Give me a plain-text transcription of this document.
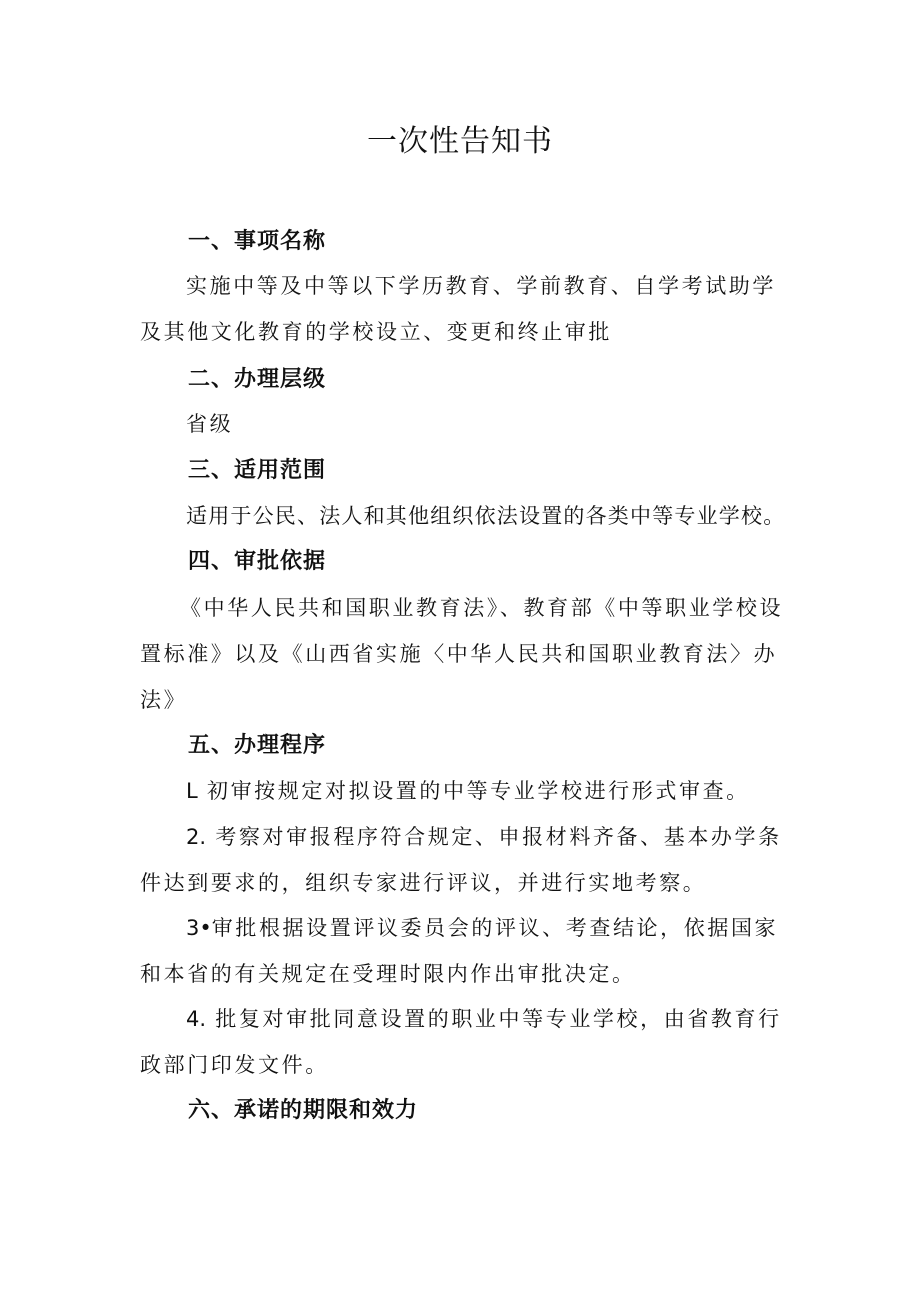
一次性告知书
一、事项名称

实施中等及中等以下学历教育、学前教育、自学考试助学及其他文化教育的学校设立、变更和终止审批

二、办理层级

省级

三、适用范围

适用于公民、法人和其他组织依法设置的各类中等专业学校。

四、审批依据

《中华人民共和国职业教育法》、教育部《中等职业学校设置标准》以及《山西省实施〈中华人民共和国职业教育法〉办法》

五、办理程序

L 初审按规定对拟设置的中等专业学校进行形式审查。

2. 考察对审报程序符合规定、申报材料齐备、基本办学条件达到要求的，组织专家进行评议，并进行实地考察。

3•审批根据设置评议委员会的评议、考查结论，依据国家和本省的有关规定在受理时限内作出审批决定。

4. 批复对审批同意设置的职业中等专业学校，由省教育行政部门印发文件。

六、承诺的期限和效力
